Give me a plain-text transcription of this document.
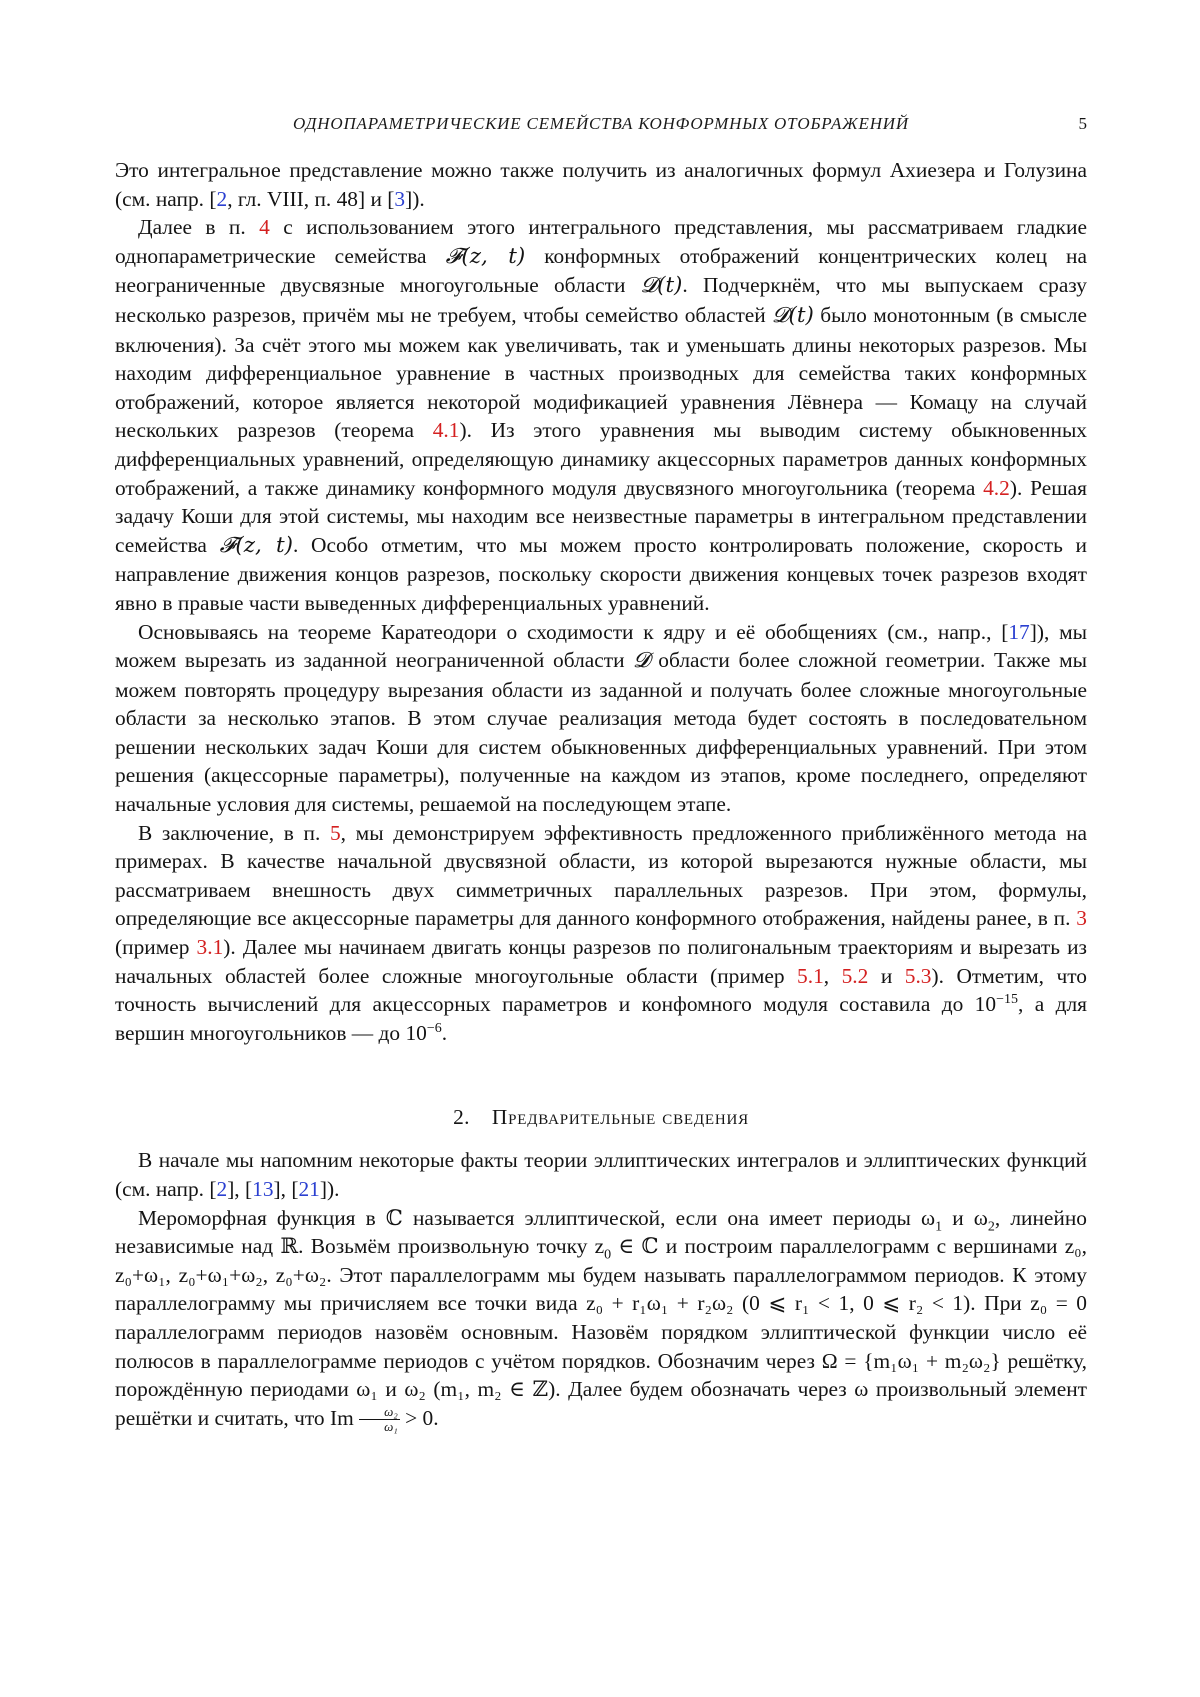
ОДНОПАРАМЕТРИЧЕСКИЕ СЕМЕЙСТВА КОНФОРМНЫХ ОТОБРАЖЕНИЙ	5

Это интегральное представление можно также получить из аналогичных формул Ахиезера и Голузина (см. напр. [2, гл. VIII, п. 48] и [3]).

Далее в п. 4 с использованием этого интегрального представления, мы рассматриваем гладкие однопараметрические семейства 𝓕(z, t) конформных отображений концентрических колец на неограниченные двусвязные многоугольные области 𝓓(t). Подчеркнём, что мы выпускаем сразу несколько разрезов, причём мы не требуем, чтобы семейство областей 𝓓(t) было монотонным (в смысле включения). За счёт этого мы можем как увеличивать, так и уменьшать длины некоторых разрезов. Мы находим дифференциальное уравнение в частных производных для семейства таких конформных отображений, которое является некоторой модификацией уравнения Лёвнера — Комацу на случай нескольких разрезов (теорема 4.1). Из этого уравнения мы выводим систему обыкновенных дифференциальных уравнений, определяющую динамику акцессорных параметров данных конформных отображений, а также динамику конформного модуля двусвязного многоугольника (теорема 4.2). Решая задачу Коши для этой системы, мы находим все неизвестные параметры в интегральном представлении семейства 𝓕(z, t). Особо отметим, что мы можем просто контролировать положение, скорость и направление движения концов разрезов, поскольку скорости движения концевых точек разрезов входят явно в правые части выведенных дифференциальных уравнений.

Основываясь на теореме Каратеодори о сходимости к ядру и её обобщениях (см., напр., [17]), мы можем вырезать из заданной неограниченной области 𝓓 области более сложной геометрии. Также мы можем повторять процедуру вырезания области из заданной и получать более сложные многоугольные области за несколько этапов. В этом случае реализация метода будет состоять в последовательном решении нескольких задач Коши для систем обыкновенных дифференциальных уравнений. При этом решения (акцессорные параметры), полученные на каждом из этапов, кроме последнего, определяют начальные условия для системы, решаемой на последующем этапе.

В заключение, в п. 5, мы демонстрируем эффективность предложенного приближённого метода на примерах. В качестве начальной двусвязной области, из которой вырезаются нужные области, мы рассматриваем внешность двух симметричных параллельных разрезов. При этом, формулы, определяющие все акцессорные параметры для данного конформного отображения, найдены ранее, в п. 3 (пример 3.1). Далее мы начинаем двигать концы разрезов по полигональным траекториям и вырезать из начальных областей более сложные многоугольные области (пример 5.1, 5.2 и 5.3). Отметим, что точность вычислений для акцессорных параметров и конфомного модуля составила до $10^{-15}$, а для вершин многоугольников — до $10^{-6}$.

2. Предварительные сведения

В начале мы напомним некоторые факты теории эллиптических интегралов и эллиптических функций (см. напр. [2], [13], [21]).

Мероморфная функция в ℂ называется эллиптической, если она имеет периоды $\omega_1$ и $\omega_2$, линейно независимые над ℝ. Возьмём произвольную точку $z_0$ ∈ ℂ и построим параллелограмм с вершинами z₀, z₀+ω₁, z₀+ω₁+ω₂, z₀+ω₂. Этот параллелограмм мы будем называть параллелограммом периодов. К этому параллелограмму мы причисляем все точки вида z₀ + r₁ω₁ + r₂ω₂ (0 ⩽ r₁ < 1, 0 ⩽ r₂ < 1). При z₀ = 0 параллелограмм периодов назовём основным. Назовём порядком эллиптической функции число её полюсов в параллелограмме периодов с учётом порядков. Обозначим через Ω = {m₁ω₁ + m₂ω₂} решётку, порождённую периодами ω₁ и ω₂ (m₁, m₂ ∈ ℤ). Далее будем обозначать через ω произвольный элемент решётки и считать, что Im $\frac{\text{ω₂}}{\text{ω₁}} > 0$.
